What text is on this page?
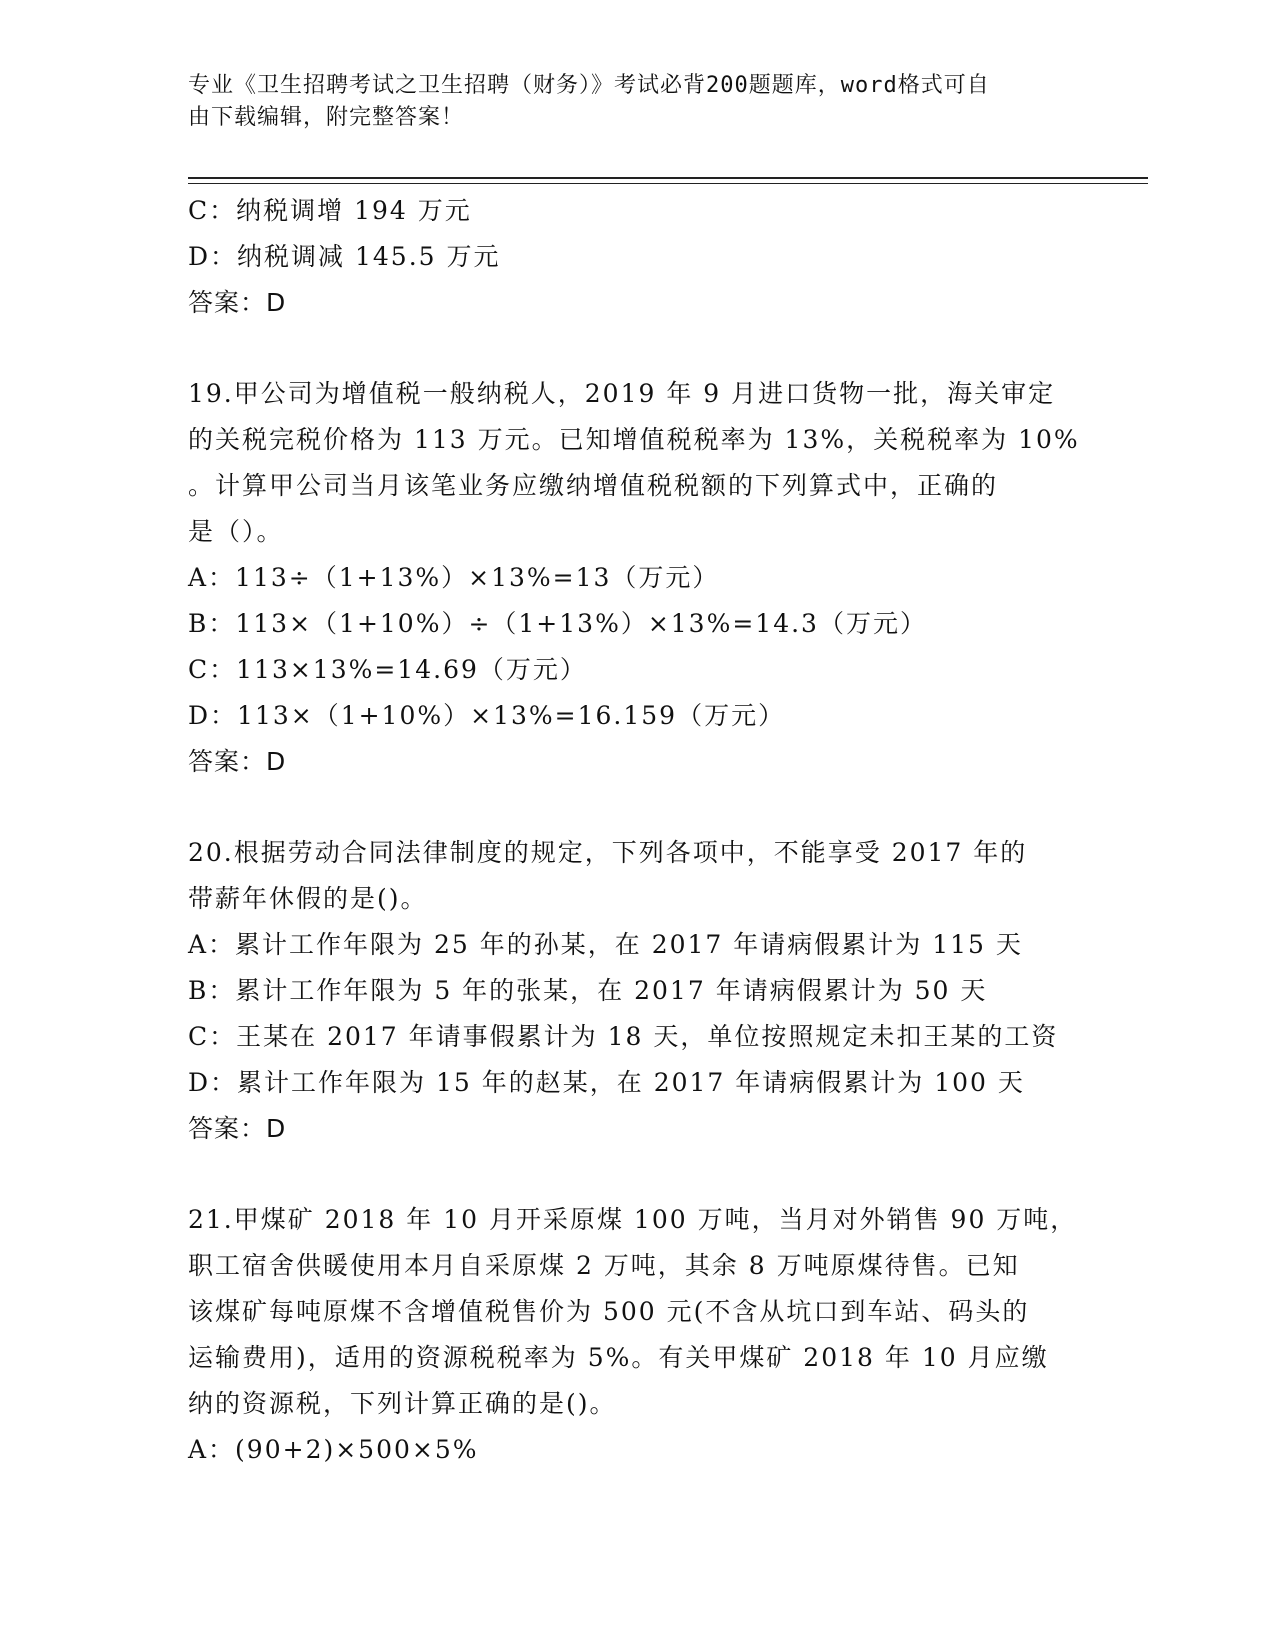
专业《卫生招聘考试之卫生招聘（财务）》考试必背200题题库，word格式可自
由下载编辑，附完整答案！
C：纳税调增 194 万元
D：纳税调减 145.5 万元
答案：D
19.甲公司为增值税一般纳税人，2019 年 9 月进口货物一批，海关审定
的关税完税价格为 113 万元。已知增值税税率为 13%，关税税率为 10%
。计算甲公司当月该笔业务应缴纳增值税税额的下列算式中，正确的
是（）。
A：113÷（1+13%）×13%=13（万元）
B：113×（1+10%）÷（1+13%）×13%=14.3（万元）
C：113×13%=14.69（万元）
D：113×（1+10%）×13%=16.159（万元）
答案：D
20.根据劳动合同法律制度的规定，下列各项中，不能享受 2017 年的
带薪年休假的是()。
A：累计工作年限为 25 年的孙某，在 2017 年请病假累计为 115 天
B：累计工作年限为 5 年的张某，在 2017 年请病假累计为 50 天
C：王某在 2017 年请事假累计为 18 天，单位按照规定未扣王某的工资
D：累计工作年限为 15 年的赵某，在 2017 年请病假累计为 100 天
答案：D
21.甲煤矿 2018 年 10 月开采原煤 100 万吨，当月对外销售 90 万吨，
职工宿舍供暖使用本月自采原煤 2 万吨，其余 8 万吨原煤待售。已知
该煤矿每吨原煤不含增值税售价为 500 元(不含从坑口到车站、码头的
运输费用)，适用的资源税税率为 5%。有关甲煤矿 2018 年 10 月应缴
纳的资源税，下列计算正确的是()。
A：(90+2)×500×5%
